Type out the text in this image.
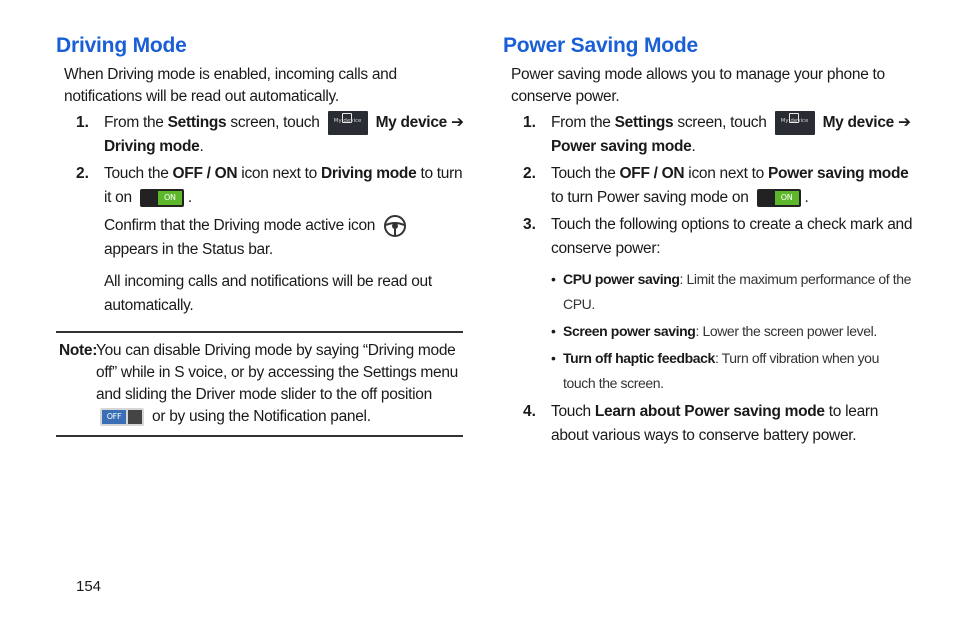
Driving Mode

When Driving mode is enabled, incoming calls and notifications will be read out automatically.

1. From the Settings screen, touch	My device My device ➔
Driving mode.
2. Touch the OFF / ON icon next to Driving mode to turn it on	ON .
Confirm that the Driving mode active icon  appears in the Status bar.
All incoming calls and notifications will be read out automatically.
Note:
You can disable Driving mode by saying “Driving mode off” while in S voice, or by accessing the Settings menu and sliding the Driver mode slider to the off position

OFF	or by using the Notification panel.
Power Saving Mode

Power saving mode allows you to manage your phone to conserve power.

1. From the Settings screen, touch	My device My device ➔
Power saving mode.
2. Touch the OFF / ON icon next to Power saving mode to turn Power saving mode on	ON .
3. Touch the following options to create a check mark and conserve power:
• CPU power saving: Limit the maximum performance of the CPU.
• Screen power saving: Lower the screen power level.
• Turn off haptic feedback: Turn off vibration when you touch the screen.
4. Touch Learn about Power saving mode to learn about various ways to conserve battery power.
154
